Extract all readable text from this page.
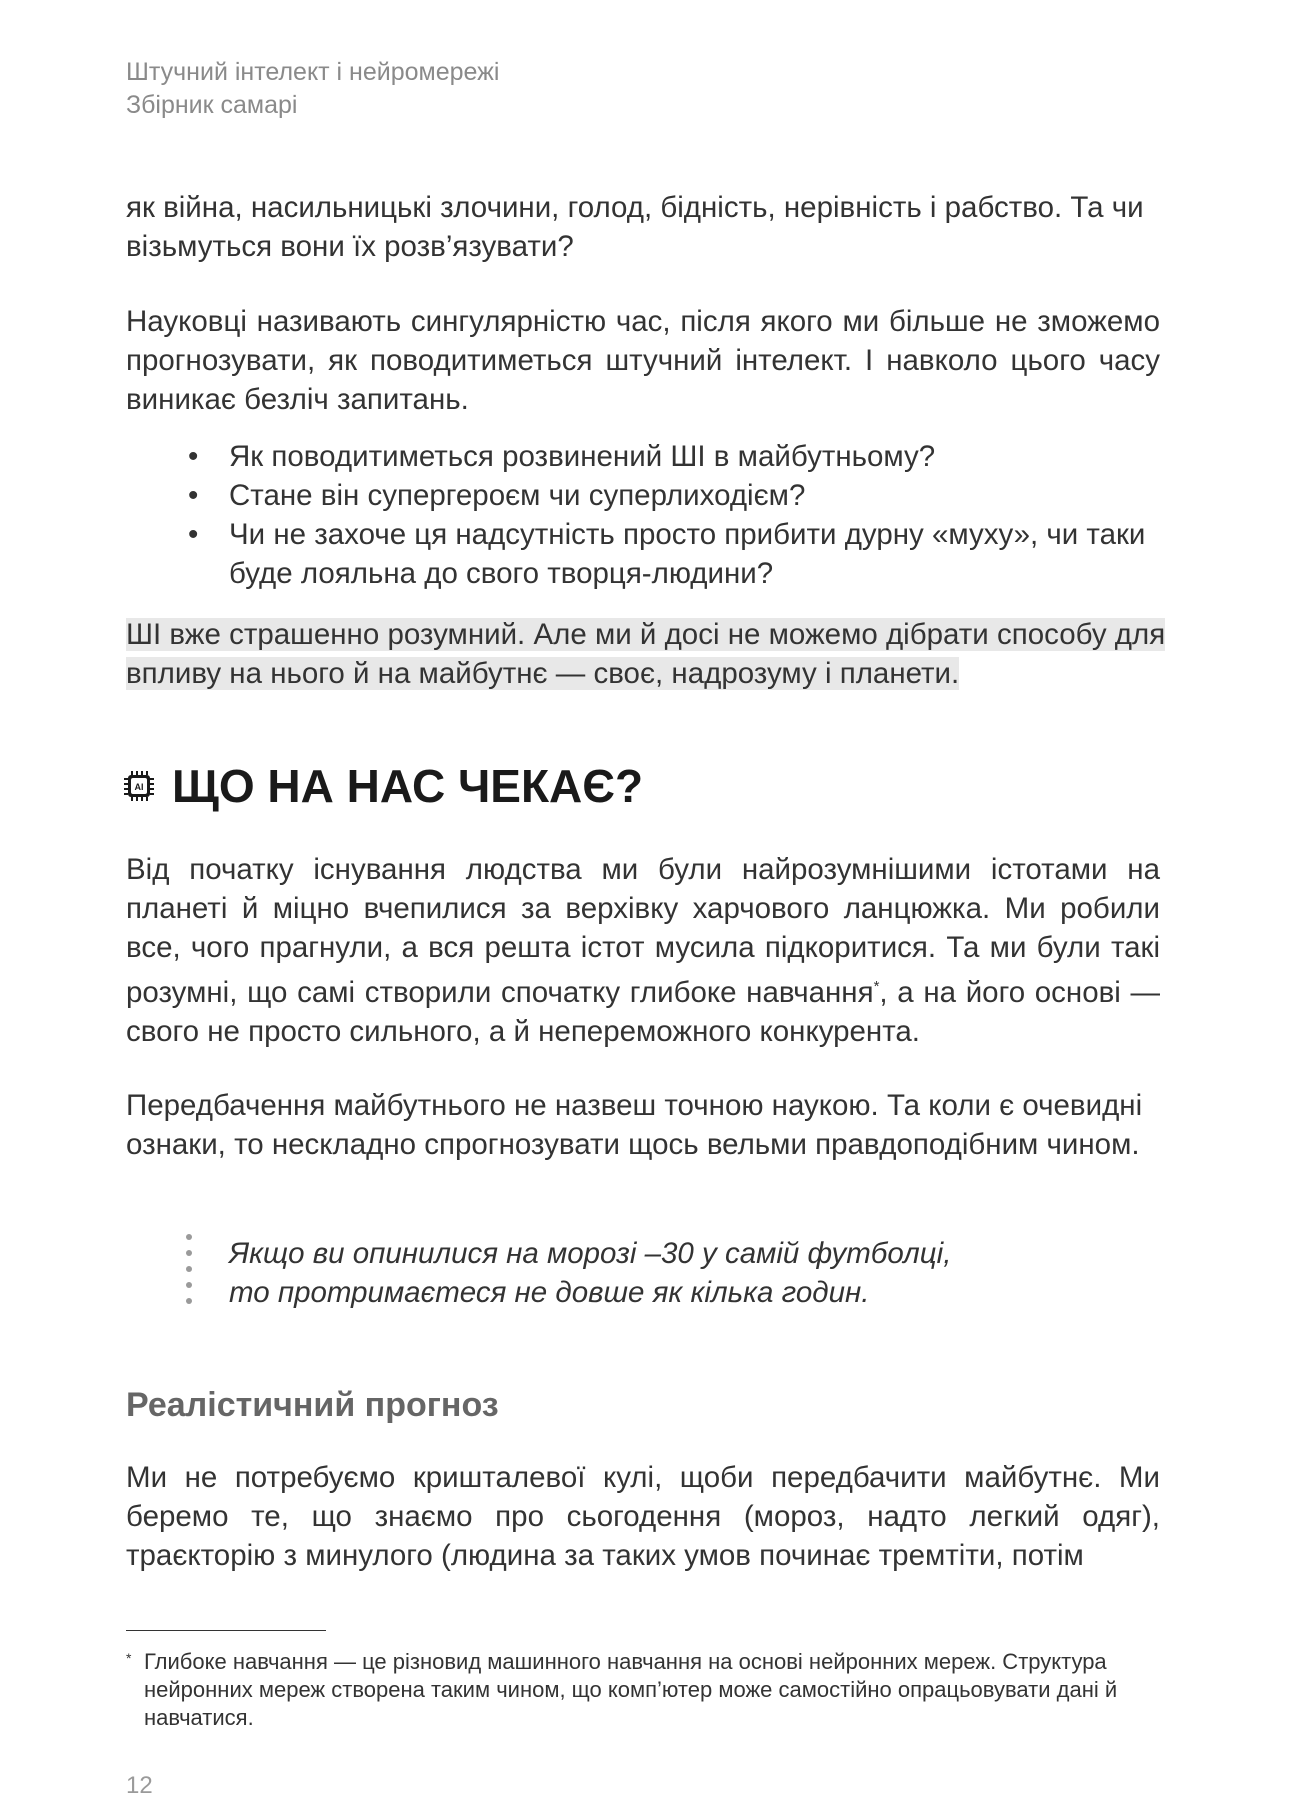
Штучний інтелект і нейромережі
Збірник самарі
як війна, насильницькі злочини, голод, бідність, нерівність і рабство. Та чи візьмуться вони їх розв’язувати?
Науковці називають сингулярністю час, після якого ми більше не зможемо прогнозувати, як поводитиметься штучний інтелект. І навколо цього часу виникає безліч запитань.
• Як поводитиметься розвинений ШІ в майбутньому?
• Стане він супергероєм чи суперлиходієм?
• Чи не захоче ця надсутність просто прибити дурну «муху», чи таки буде лояльна до свого творця-людини?
ШІ вже страшенно розумний. Але ми й досі не можемо дібрати способу для впливу на нього й на майбутнє — своє, надрозуму і планети.
AI ЩО НА НАС ЧЕКАЄ?
Від початку існування людства ми були найрозумнішими істотами на планеті й міцно вчепилися за верхівку харчового ланцюжка. Ми робили все, чого прагнули, а вся решта істот мусила підкоритися. Та ми були такі розумні, що самі створили спочатку глибоке навчання*, а на його основі — свого не просто сильного, а й непереможного конкурента.
Передбачення майбутнього не назвеш точною наукою. Та коли є очевидні ознаки, то нескладно спрогнозувати щось вельми правдоподібним чином.
Якщо ви опинилися на морозі –30 у самій футболці,
то протримаєтеся не довше як кілька годин.
Реалістичний прогноз
Ми не потребуємо кришталевої кулі, щоби передбачити майбутнє. Ми беремо те, що знаємо про сьогодення (мороз, надто легкий одяг), траєкторію з минулого (людина за таких умов починає тремтіти, потім
* Глибоке навчання — це різновид машинного навчання на основі нейронних мереж. Структура нейронних мереж створена таким чином, що комп’ютер може самостійно опрацьовувати дані й навчатися.
12
